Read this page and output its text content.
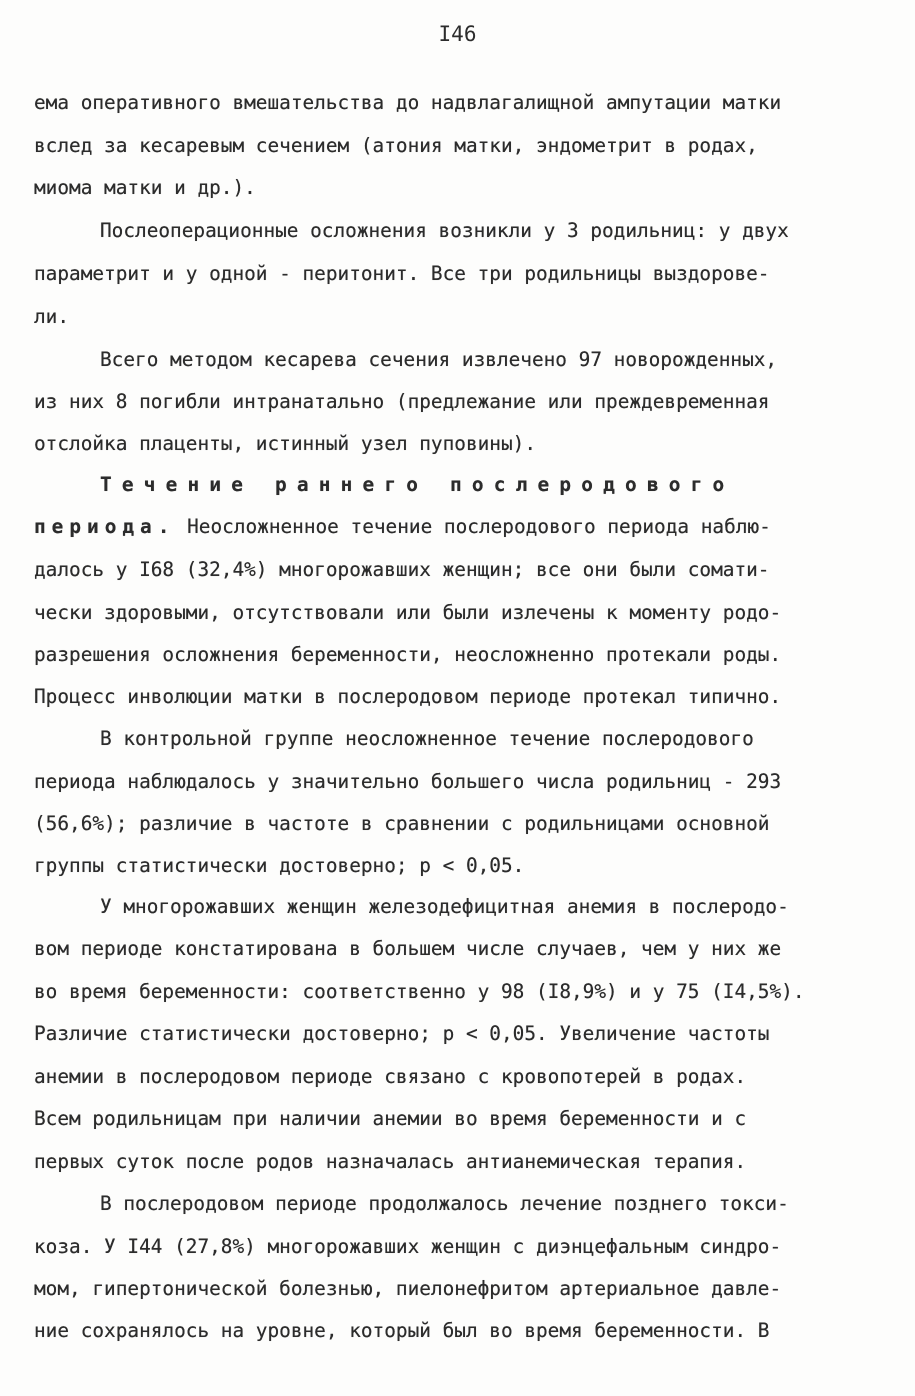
I46
ема оперативного вмешательства до надвлагалищной ампутации матки
вслед за кесаревым сечением (атония матки, эндометрит в родах,
миома матки и др.).
Послеоперационные осложнения возникли у 3 родильниц: у двух
параметрит и у одной - перитонит. Все три родильницы выздорове-
ли.
Всего методом кесарева сечения извлечено 97 новорожденных,
из них 8 погибли интранатально (предлежание или преждевременная
отслойка плаценты, истинный узел пуповины).
Течение раннего послеродового
периода. Неосложненное течение послеродового периода наблю-
далось у I68 (32,4%) многорожавших женщин; все они были сомати-
чески здоровыми, отсутствовали или были излечены к моменту родо-
разрешения осложнения беременности, неосложненно протекали роды.
Процесс инволюции матки в послеродовом периоде протекал типично.
В контрольной группе неосложненное течение послеродового
периода наблюдалось у значительно большего числа родильниц - 293
(56,6%); различие в частоте в сравнении с родильницами основной
группы статистически достоверно; р < 0,05.
У многорожавших женщин железодефицитная анемия в послеродо-
вом периоде констатирована в большем числе случаев, чем у них же
во время беременности: соответственно у 98 (I8,9%) и у 75 (I4,5%).
Различие статистически достоверно; р < 0,05. Увеличение частоты
анемии в послеродовом периоде связано с кровопотерей в родах.
Всем родильницам при наличии анемии во время беременности и с
первых суток после родов назначалась антианемическая терапия.
В послеродовом периоде продолжалось лечение позднего токси-
коза. У I44 (27,8%) многорожавших женщин с диэнцефальным синдро-
мом, гипертонической болезнью, пиелонефритом артериальное давле-
ние сохранялось на уровне, который был во время беременности. В
